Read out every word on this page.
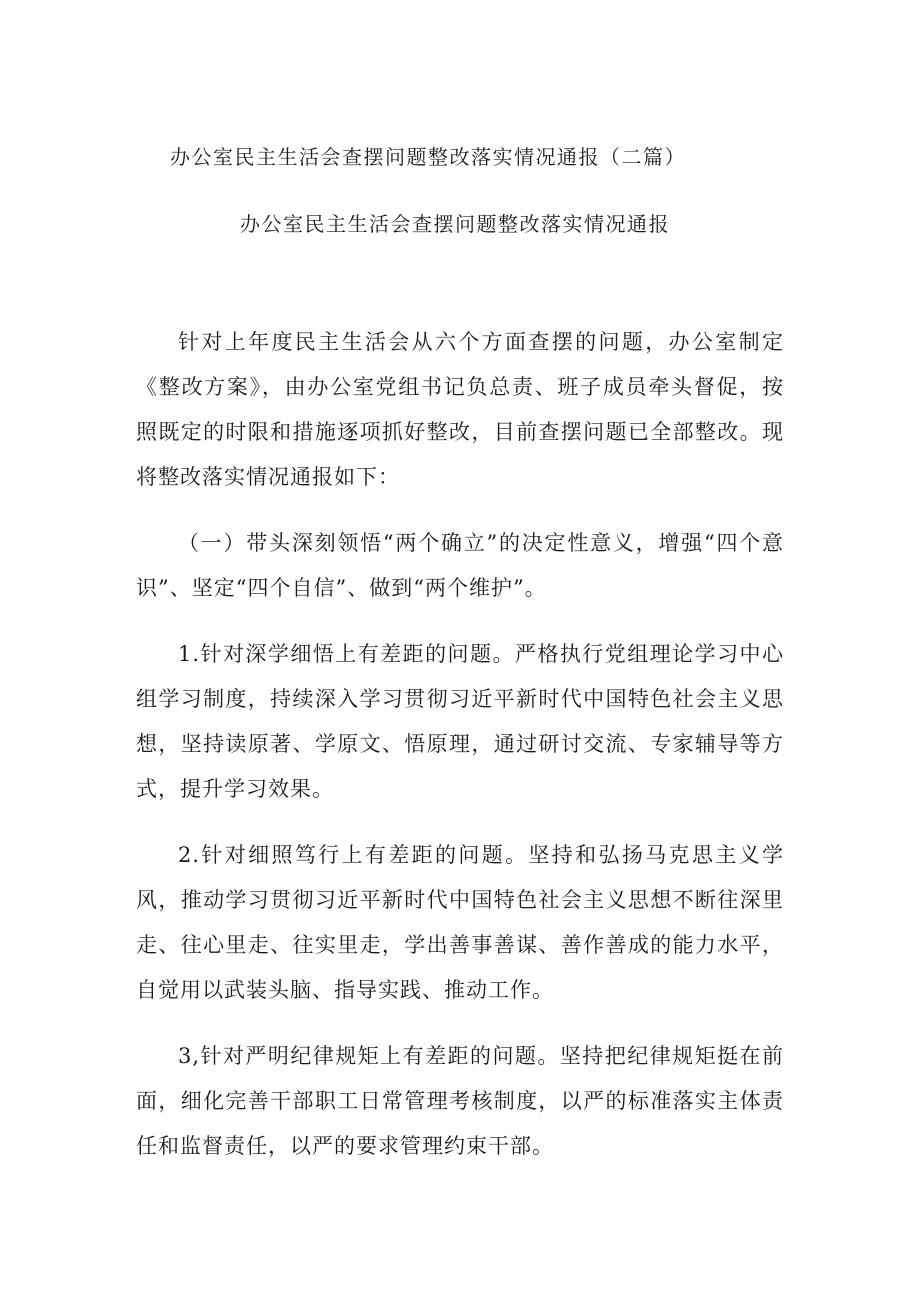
办公室民主生活会查摆问题整改落实情况通报（二篇）
办公室民主生活会查摆问题整改落实情况通报

针对上年度民主生活会从六个方面查摆的问题，办公室制定《整改方案》，由办公室党组书记负总责、班子成员牵头督促，按照既定的时限和措施逐项抓好整改，目前查摆问题已全部整改。现将整改落实情况通报如下：

（一）带头深刻领悟“两个确立”的决定性意义，增强“四个意识”、坚定“四个自信”、做到“两个维护”。

1.针对深学细悟上有差距的问题。严格执行党组理论学习中心组学习制度，持续深入学习贯彻习近平新时代中国特色社会主义思想，坚持读原著、学原文、悟原理，通过研讨交流、专家辅导等方式，提升学习效果。

2.针对细照笃行上有差距的问题。坚持和弘扬马克思主义学风，推动学习贯彻习近平新时代中国特色社会主义思想不断往深里走、往心里走、往实里走，学出善事善谋、善作善成的能力水平，自觉用以武装头脑、指导实践、推动工作。

3,针对严明纪律规矩上有差距的问题。坚持把纪律规矩挺在前面，细化完善干部职工日常管理考核制度，以严的标准落实主体责任和监督责任，以严的要求管理约束干部。
